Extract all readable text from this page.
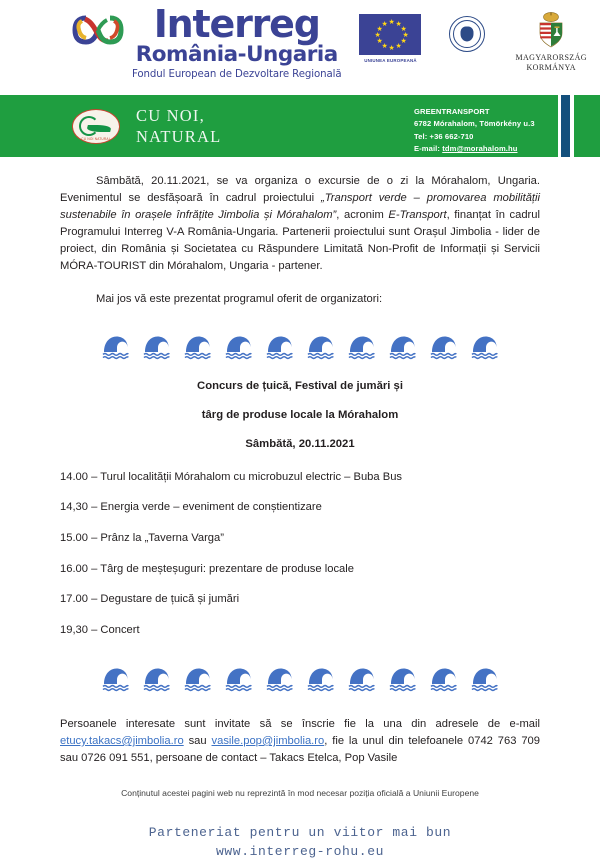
Interreg
România-Ungaria
Fondul European de Dezvoltare Regională
★
★ ★
★	★
★	★
★	★
★ ★
★
UNIUNEA EUROPEANĂ	MAGYARORSZÁG
KORMÁNYA
CU NOI NATURAL
CU NOI,
NATURAL
GREENTRANSPORT
6782 Mórahalom, Tömörkény u.3
Tel: +36 662-710
E-mail: tdm@morahalom.hu

Sâmbătă, 20.11.2021, se va organiza o excursie de o zi la Mórahalom, Ungaria. Evenimentul se desfășoară în cadrul proiectului „Transport verde – promovarea mobilității sustenabile în orașele înfrățite Jimbolia și Mórahalom”, acronim E-Transport, finanțat în cadrul Programului Interreg V-A România-Ungaria. Partenerii proiectului sunt Orașul Jimbolia - lider de proiect, din România și Societatea cu Răspundere Limitată Non-Profit de Informații și Servicii MÓRA-TOURIST din Mórahalom, Ungaria - partener.

Mai jos vă este prezentat programul oferit de organizatori:

Concurs de țuică, Festival de jumări și
târg de produse locale la Mórahalom
Sâmbătă, 20.11.2021
14.00 – Turul localității Mórahalom cu microbuzul electric – Buba Bus
14,30 – Energia verde – eveniment de conștientizare
15.00 – Prânz la „Taverna Varga”
16.00 – Târg de meșteșuguri: prezentare de produse locale
17.00 – Degustare de țuică și jumări
19,30 – Concert

Persoanele interesate sunt invitate să se înscrie fie la una din adresele de e-mail etucy.takacs@jimbolia.ro sau vasile.pop@jimbolia.ro, fie la unul din telefoanele 0742 763 709 sau 0726 091 551, persoane de contact – Takacs Etelca, Pop Vasile

Conținutul acestei pagini web nu reprezintă în mod necesar poziția oficială a Uniunii Europene
Parteneriat pentru un viitor mai bun
www.interreg-rohu.eu
